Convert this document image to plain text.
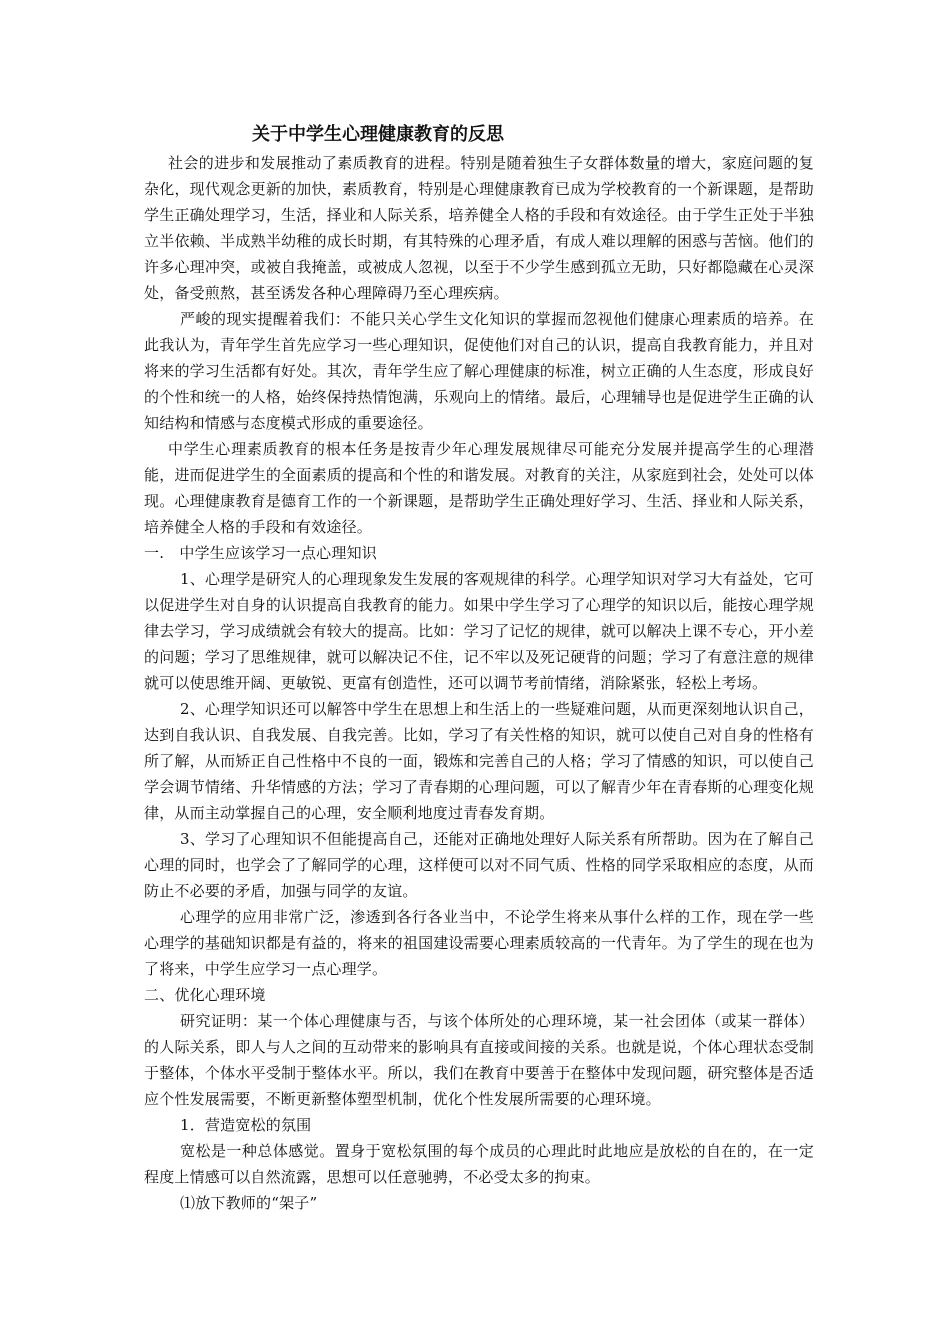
关于中学生心理健康教育的反思

社会的进步和发展推动了素质教育的进程。特别是随着独生子女群体数量的增大，家庭问题的复杂化，现代观念更新的加快，素质教育，特别是心理健康教育已成为学校教育的一个新课题，是帮助学生正确处理学习，生活，择业和人际关系，培养健全人格的手段和有效途径。由于学生正处于半独立半依赖、半成熟半幼稚的成长时期，有其特殊的心理矛盾，有成人难以理解的困惑与苦恼。他们的许多心理冲突，或被自我掩盖，或被成人忽视，以至于不少学生感到孤立无助，只好都隐藏在心灵深处，备受煎熬，甚至诱发各种心理障碍乃至心理疾病。

严峻的现实提醒着我们：不能只关心学生文化知识的掌握而忽视他们健康心理素质的培养。在此我认为，青年学生首先应学习一些心理知识，促使他们对自己的认识，提高自我教育能力，并且对将来的学习生活都有好处。其次，青年学生应了解心理健康的标准，树立正确的人生态度，形成良好的个性和统一的人格，始终保持热情饱满，乐观向上的情绪。最后，心理辅导也是促进学生正确的认知结构和情感与态度模式形成的重要途径。

中学生心理素质教育的根本任务是按青少年心理发展规律尽可能充分发展并提高学生的心理潜能，进而促进学生的全面素质的提高和个性的和谐发展。对教育的关注，从家庭到社会，处处可以体现。心理健康教育是德育工作的一个新课题，是帮助学生正确处理好学习、生活、择业和人际关系，培养健全人格的手段和有效途径。

一.　中学生应该学习一点心理知识

1、心理学是研究人的心理现象发生发展的客观规律的科学。心理学知识对学习大有益处，它可以促进学生对自身的认识提高自我教育的能力。如果中学生学习了心理学的知识以后，能按心理学规律去学习，学习成绩就会有较大的提高。比如：学习了记忆的规律，就可以解决上课不专心，开小差的问题；学习了思维规律，就可以解决记不住，记不牢以及死记硬背的问题；学习了有意注意的规律就可以使思维开阔、更敏锐、更富有创造性，还可以调节考前情绪，消除紧张，轻松上考场。

2、心理学知识还可以解答中学生在思想上和生活上的一些疑难问题，从而更深刻地认识自己，达到自我认识、自我发展、自我完善。比如，学习了有关性格的知识，就可以使自己对自身的性格有所了解，从而矫正自己性格中不良的一面，锻炼和完善自己的人格；学习了情感的知识，可以使自己学会调节情绪、升华情感的方法；学习了青春期的心理问题，可以了解青少年在青春斯的心理变化规律，从而主动掌握自己的心理，安全顺利地度过青春发育期。

3、学习了心理知识不但能提高自己，还能对正确地处理好人际关系有所帮助。因为在了解自己心理的同时，也学会了了解同学的心理，这样便可以对不同气质、性格的同学采取相应的态度，从而防止不必要的矛盾，加强与同学的友谊。

心理学的应用非常广泛，渗透到各行各业当中，不论学生将来从事什么样的工作，现在学一些心理学的基础知识都是有益的，将来的祖国建设需要心理素质较高的一代青年。为了学生的现在也为了将来，中学生应学习一点心理学。

二、优化心理环境

研究证明：某一个体心理健康与否，与该个体所处的心理环境，某一社会团体（或某一群体）的人际关系，即人与人之间的互动带来的影响具有直接或间接的关系。也就是说，个体心理状态受制于整体，个体水平受制于整体水平。所以，我们在教育中要善于在整体中发现问题，研究整体是否适应个性发展需要，不断更新整体塑型机制，优化个性发展所需要的心理环境。

1．营造宽松的氛围

宽松是一种总体感觉。置身于宽松氛围的每个成员的心理此时此地应是放松的自在的，在一定程度上情感可以自然流露，思想可以任意驰骋，不必受太多的拘束。

⑴放下教师的“架子”
